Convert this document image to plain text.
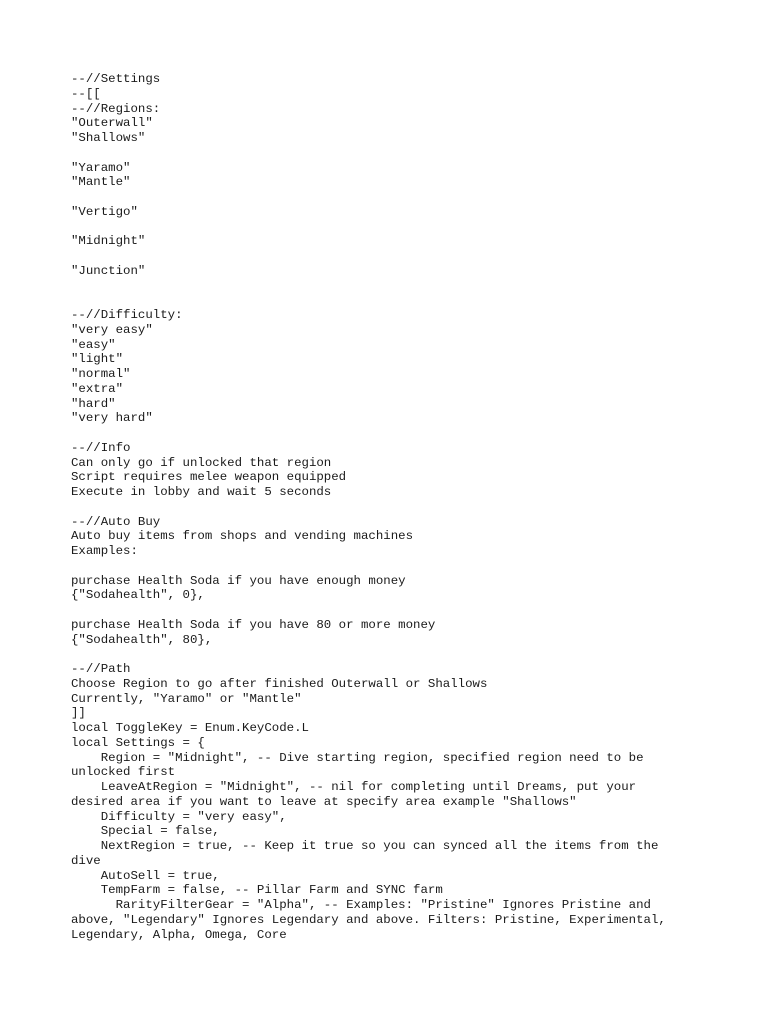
--//Settings
--[[
--//Regions:
"Outerwall"
"Shallows"
"Yaramo"
"Mantle"
"Vertigo"
"Midnight"
"Junction"
--//Difficulty:
"very easy"
"easy"
"light"
"normal"
"extra"
"hard"
"very hard"
--//Info
Can only go if unlocked that region
Script requires melee weapon equipped
Execute in lobby and wait 5 seconds
--//Auto Buy
Auto buy items from shops and vending machines
Examples:
purchase Health Soda if you have enough money
{"Sodahealth", 0},
purchase Health Soda if you have 80 or more money
{"Sodahealth", 80},
--//Path
Choose Region to go after finished Outerwall or Shallows
Currently, "Yaramo" or "Mantle"
]]
local ToggleKey = Enum.KeyCode.L
local Settings = {
Region = "Midnight", -- Dive starting region, specified region need to be
unlocked first
LeaveAtRegion = "Midnight", -- nil for completing until Dreams, put your
desired area if you want to leave at specify area example "Shallows"
Difficulty = "very easy",
Special = false,
NextRegion = true, -- Keep it true so you can synced all the items from the
dive
AutoSell = true,
TempFarm = false, -- Pillar Farm and SYNC farm
RarityFilterGear = "Alpha", -- Examples: "Pristine" Ignores Pristine and
above, "Legendary" Ignores Legendary and above. Filters: Pristine, Experimental,
Legendary, Alpha, Omega, Core
